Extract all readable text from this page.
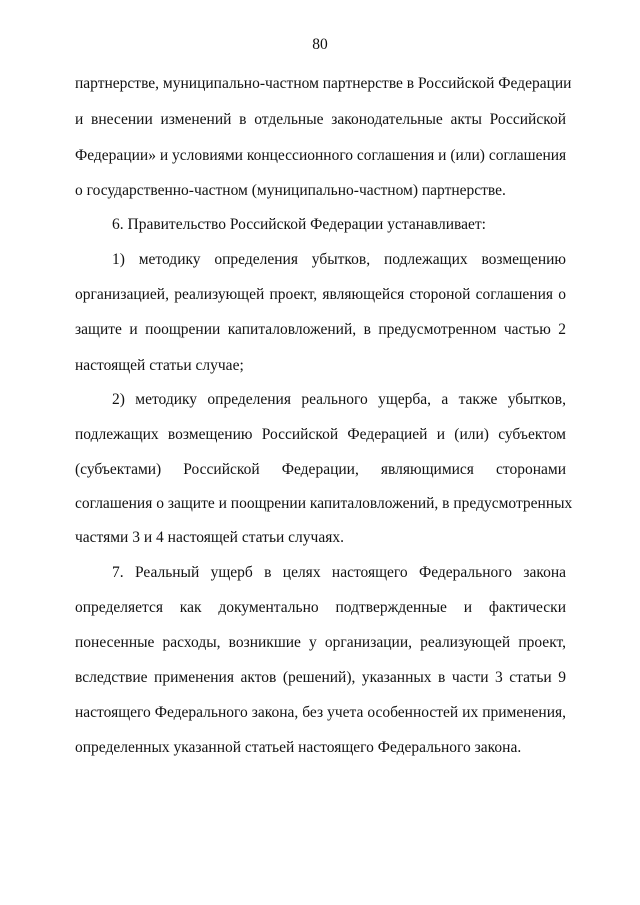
80
партнерстве, муниципально-частном партнерстве в Российской Федерации
и внесении изменений в отдельные законодательные акты Российской
Федерации» и условиями концессионного соглашения и (или) соглашения
о государственно-частном (муниципально-частном) партнерстве.
6. Правительство Российской Федерации устанавливает:
1) методику определения убытков, подлежащих возмещению
организацией, реализующей проект, являющейся стороной соглашения о
защите и поощрении капиталовложений, в предусмотренном частью 2
настоящей статьи случае;
2) методику определения реального ущерба, а также убытков,
подлежащих возмещению Российской Федерацией и (или) субъектом
(субъектами) Российской Федерации, являющимися сторонами
соглашения о защите и поощрении капиталовложений, в предусмотренных
частями 3 и 4 настоящей статьи случаях.
7. Реальный ущерб в целях настоящего Федерального закона
определяется как документально подтвержденные и фактически
понесенные расходы, возникшие у организации, реализующей проект,
вследствие применения актов (решений), указанных в части 3 статьи 9
настоящего Федерального закона, без учета особенностей их применения,
определенных указанной статьей настоящего Федерального закона.
